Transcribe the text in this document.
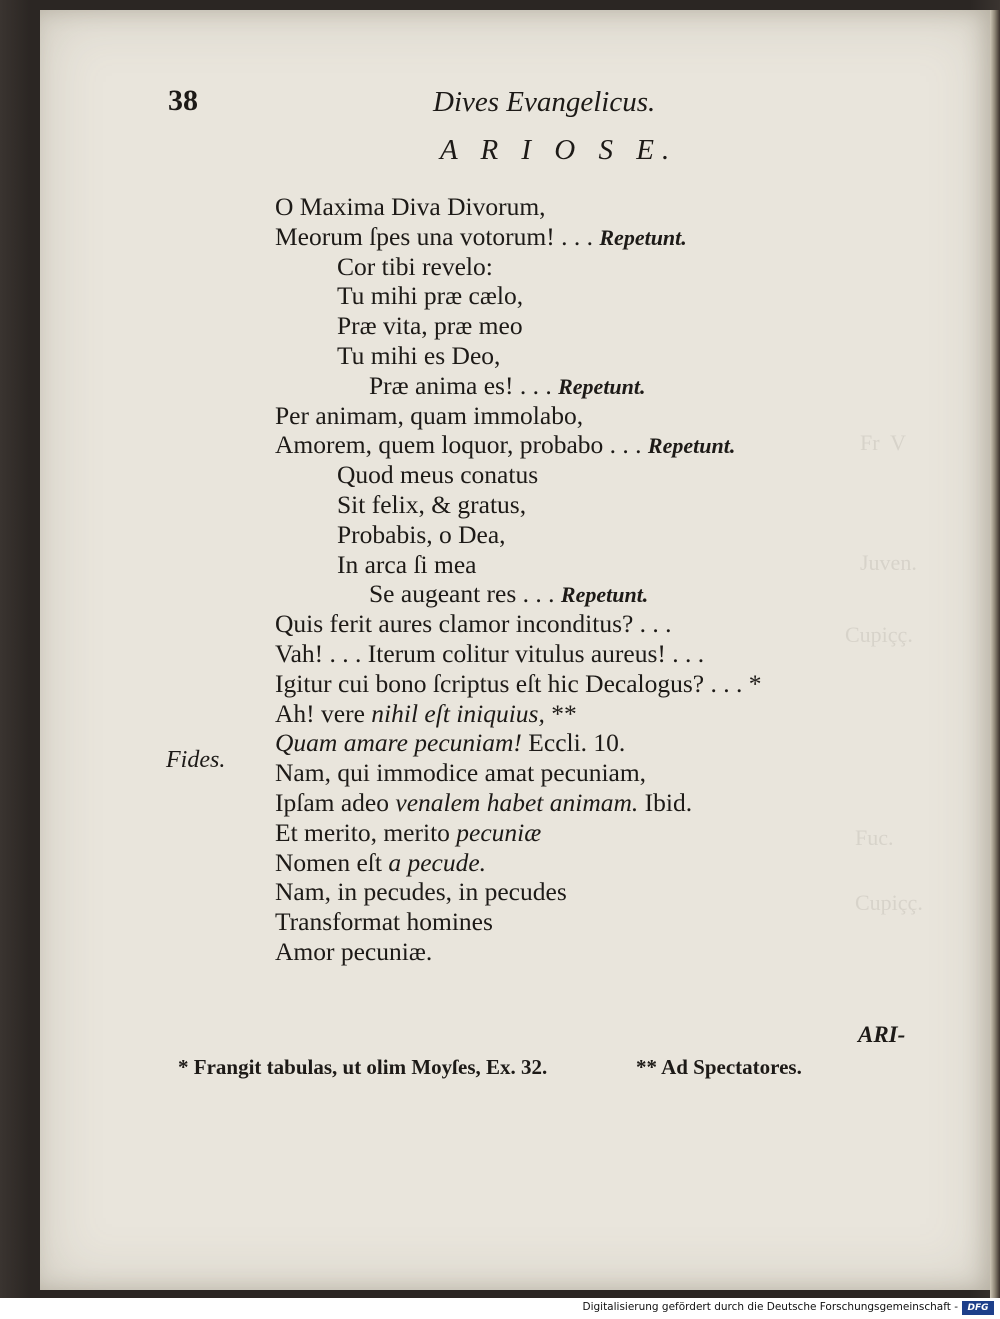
Fr  V
Juven.
Cupiçç.
Fuc.
Cupiçç.
38	Dives Evangelicus.
A R I O S E.
Fides.
O Maxima Diva Divorum,
Meorum ſpes una votorum! . . . Repetunt.
Cor tibi revelo:
Tu mihi præ cælo,
Præ vita, præ meo
Tu mihi es Deo,
Præ anima es! . . . Repetunt.
Per animam, quam immolabo,
Amorem, quem loquor, probabo . . . Repetunt.
Quod meus conatus
Sit felix, & gratus,
Probabis, o Dea,
In arca ſi mea
Se augeant res . . . Repetunt.
Quis ferit aures clamor inconditus? . . .
Vah! . . . Iterum colitur vitulus aureus! . . .
Igitur cui bono ſcriptus eſt hic Decalogus? . . . *
Ah! vere nihil eſt iniquius, **
Quam amare pecuniam! Eccli. 10.
Nam, qui immodice amat pecuniam,
Ipſam adeo venalem habet animam. Ibid.
Et merito, merito pecuniæ
Nomen eſt a pecude.
Nam, in pecudes, in pecudes
Transformat homines
Amor pecuniæ.
ARI-
* Frangit tabulas, ut olim Moyſes, Ex. 32.	** Ad Spectatores.
Digitalisierung gefördert durch die Deutsche Forschungsgemeinschaft -	DFG
